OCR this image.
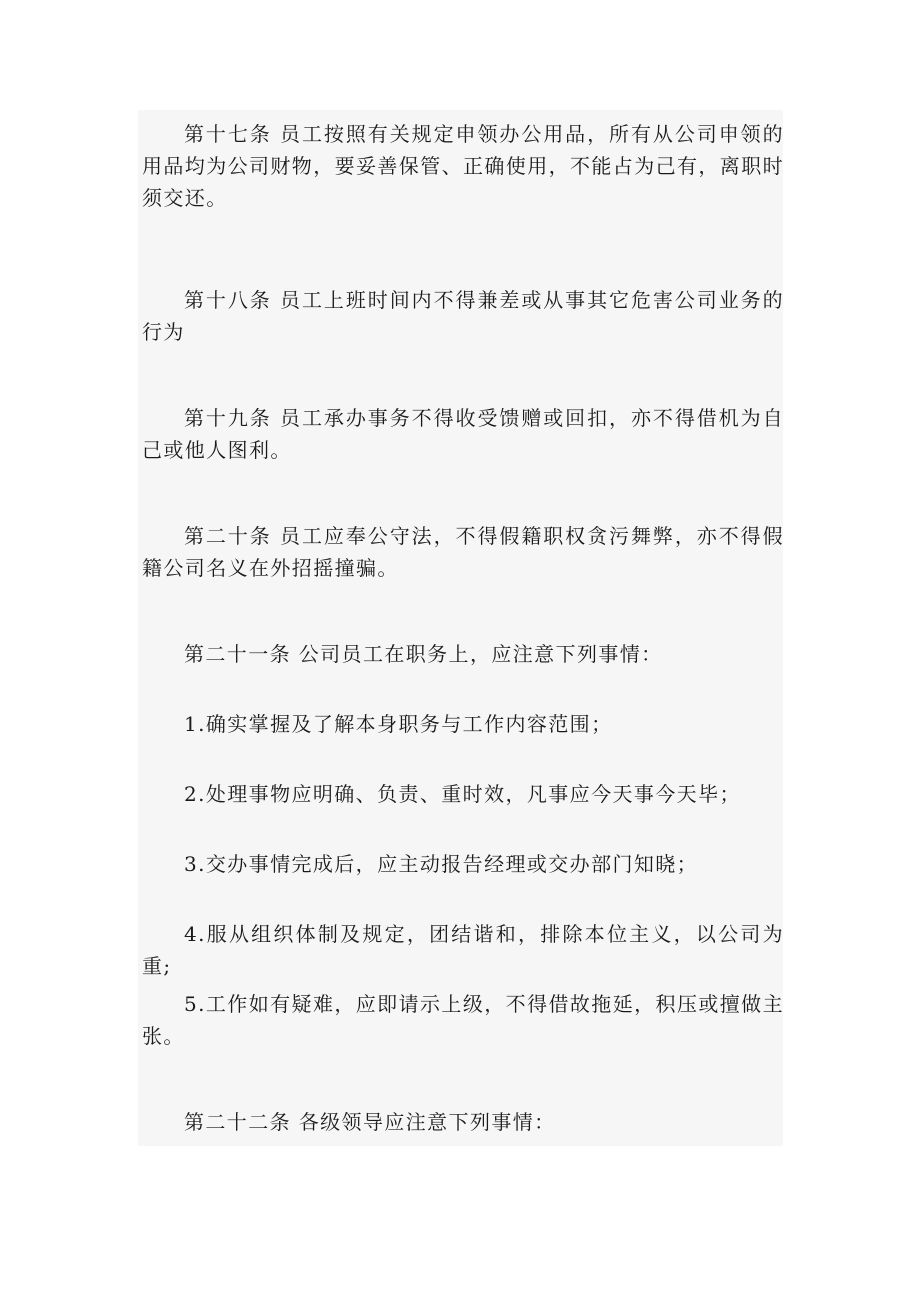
第十七条 员工按照有关规定申领办公用品，所有从公司申领的用品均为公司财物，要妥善保管、正确使用，不能占为己有，离职时须交还。

第十八条 员工上班时间内不得兼差或从事其它危害公司业务的行为

第十九条 员工承办事务不得收受馈赠或回扣，亦不得借机为自己或他人图利。

第二十条 员工应奉公守法，不得假籍职权贪污舞弊，亦不得假籍公司名义在外招摇撞骗。

第二十一条 公司员工在职务上，应注意下列事情：

1.确实掌握及了解本身职务与工作内容范围；

2.处理事物应明确、负责、重时效，凡事应今天事今天毕；

3.交办事情完成后，应主动报告经理或交办部门知晓；

4.服从组织体制及规定，团结谐和，排除本位主义，以公司为重;

5.工作如有疑难，应即请示上级，不得借故拖延，积压或擅做主张。

第二十二条 各级领导应注意下列事情：
